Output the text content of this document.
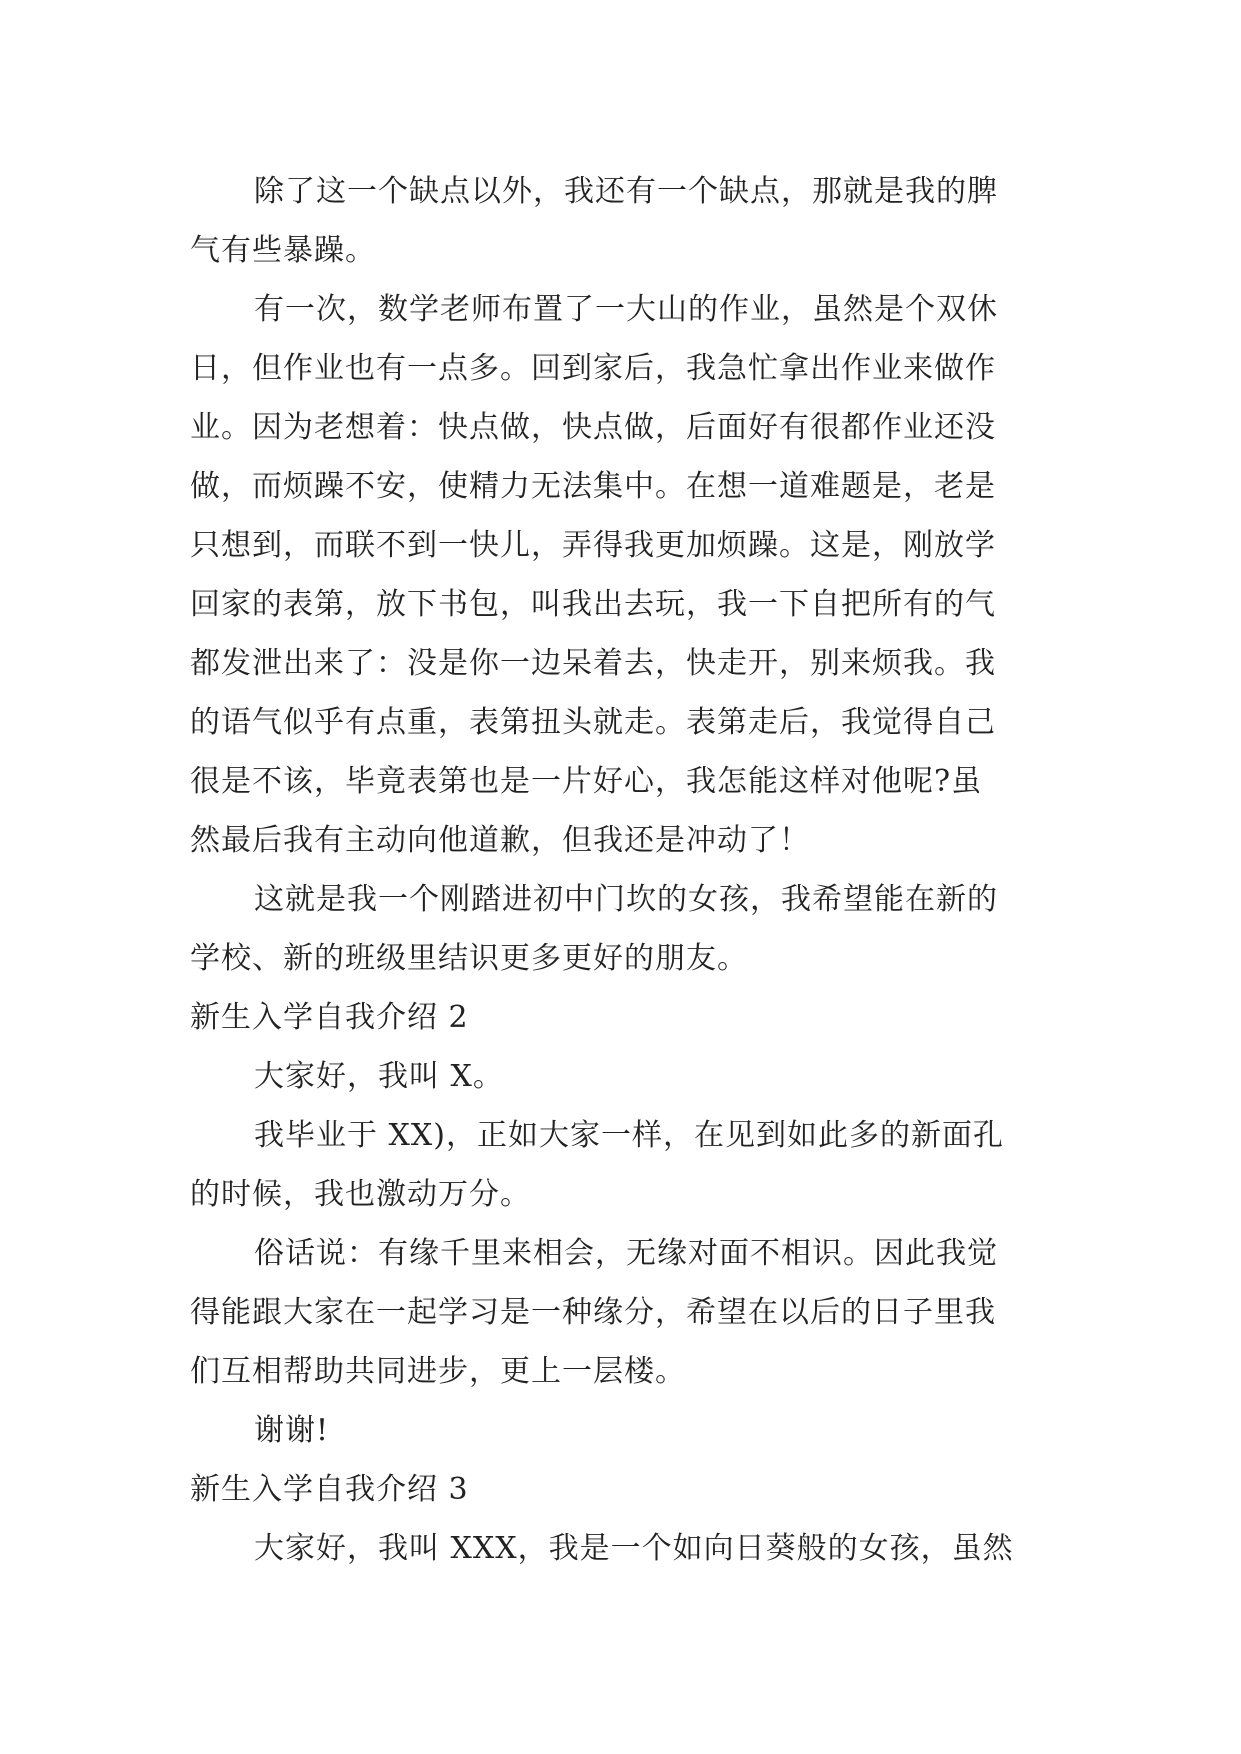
除了这一个缺点以外，我还有一个缺点，那就是我的脾
气有些暴躁。

有一次，数学老师布置了一大山的作业，虽然是个双休
日，但作业也有一点多。回到家后，我急忙拿出作业来做作
业。因为老想着：快点做，快点做，后面好有很都作业还没
做，而烦躁不安，使精力无法集中。在想一道难题是，老是
只想到，而联不到一快儿，弄得我更加烦躁。这是，刚放学
回家的表第，放下书包，叫我出去玩，我一下自把所有的气
都发泄出来了：没是你一边呆着去，快走开，别来烦我。我
的语气似乎有点重，表第扭头就走。表第走后，我觉得自己
很是不该，毕竟表第也是一片好心，我怎能这样对他呢?虽
然最后我有主动向他道歉，但我还是冲动了！

这就是我一个刚踏进初中门坎的女孩，我希望能在新的
学校、新的班级里结识更多更好的朋友。

新生入学自我介绍 2

大家好，我叫 X。

我毕业于 XX)，正如大家一样，在见到如此多的新面孔
的时候，我也激动万分。

俗话说：有缘千里来相会，无缘对面不相识。因此我觉
得能跟大家在一起学习是一种缘分，希望在以后的日子里我
们互相帮助共同进步，更上一层楼。

谢谢!

新生入学自我介绍 3

大家好，我叫 XXX，我是一个如向日葵般的女孩，虽然
